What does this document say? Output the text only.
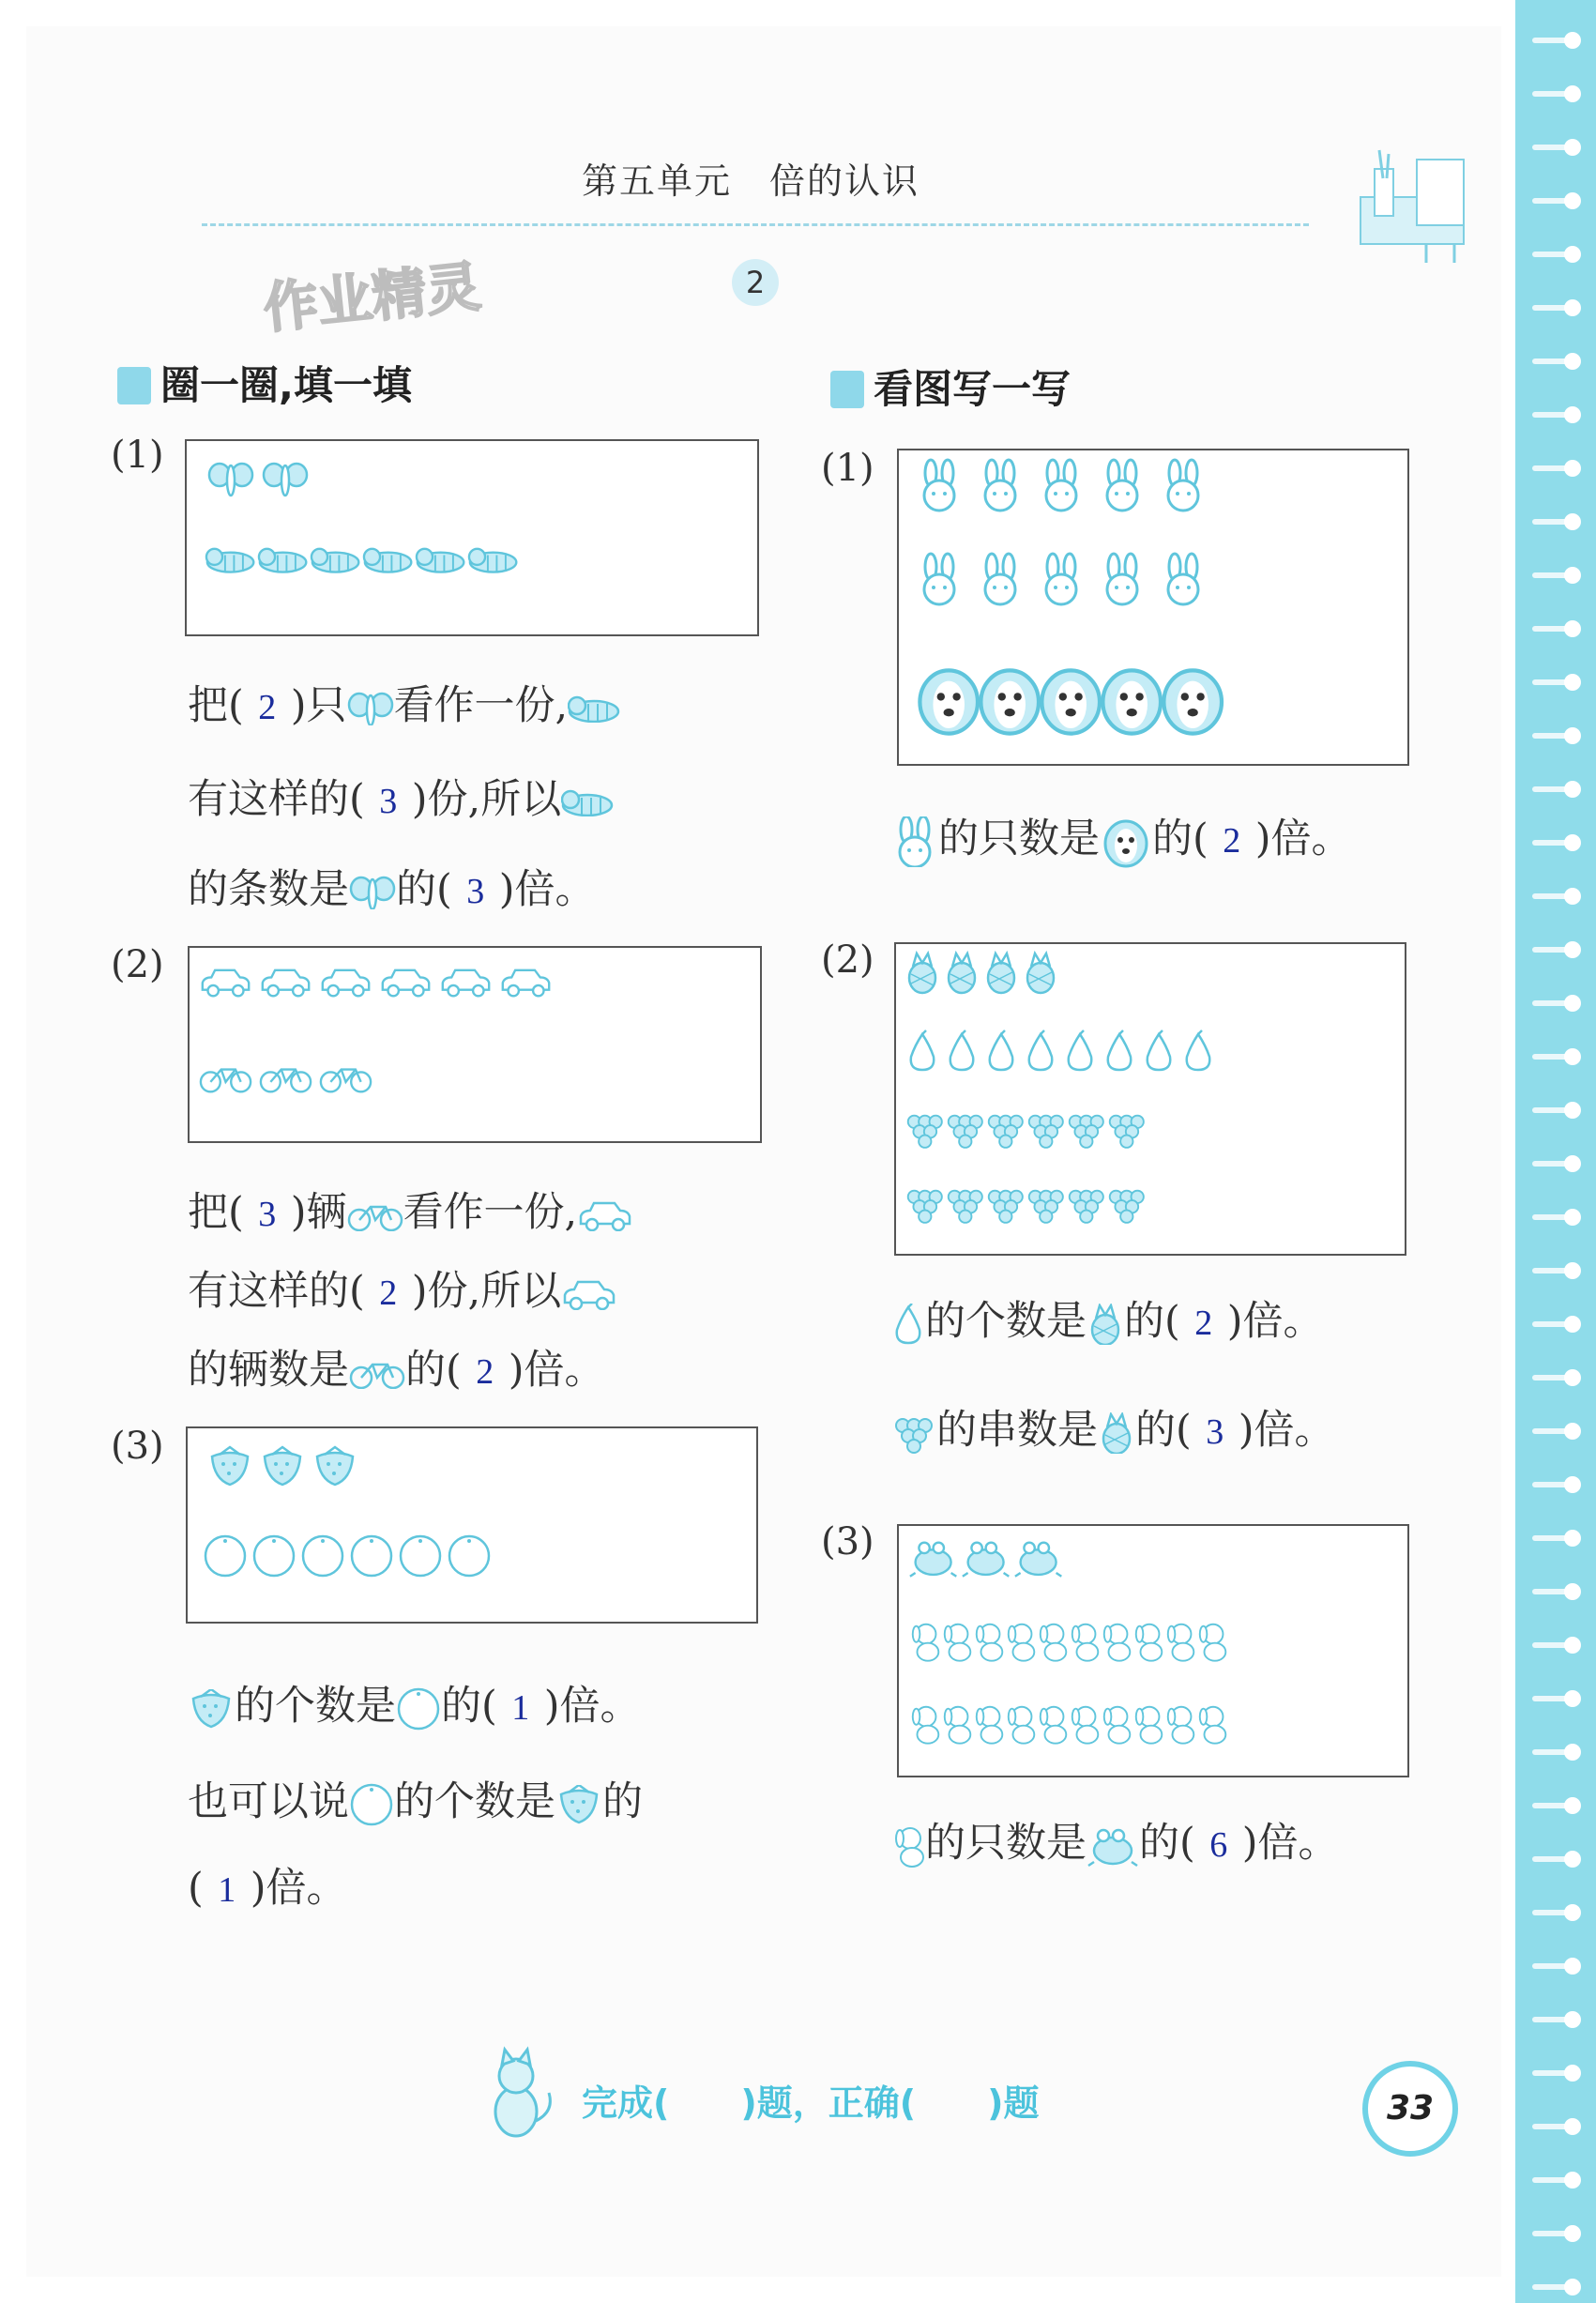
第五单元　倍的认识
作业精灵	2
圈一圈,填一填
(1)
把( 2 )只 看作一份,
有这样的( 3 )份,所以
的条数是 的( 3 )倍。
(2)
把( 3 )辆 看作一份,
有这样的( 2 )份,所以
的辆数是 的( 2 )倍。
(3)
的个数是 的( 1 )倍。
也可以说 的个数是 的
( 1 )倍。
看图写一写
(1)
的只数是 的( 2 )倍。
(2)
的个数是 的( 2 )倍。
的串数是 的( 3 )倍。
(3)
的只数是 的( 6 )倍。
完成(　　)题，正确(　　)题	33
